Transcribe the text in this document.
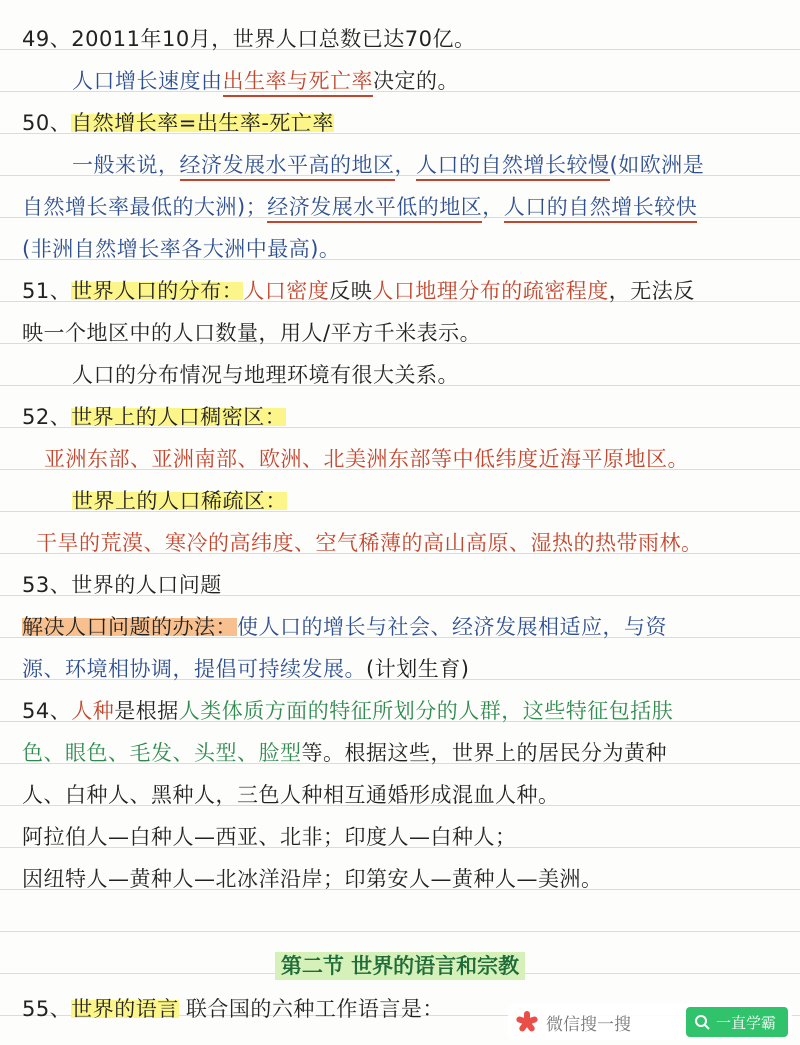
49、20011年10月，世界人口总数已达70亿。
人口增长速度由出生率与死亡率决定的。
50、自然增长率=出生率-死亡率
一般来说，经济发展水平高的地区，人口的自然增长较慢(如欧洲是
自然增长率最低的大洲)；经济发展水平低的地区，人口的自然增长较快
(非洲自然增长率各大洲中最高)。
51、世界人口的分布：人口密度反映人口地理分布的疏密程度，无法反
映一个地区中的人口数量，用人/平方千米表示。
人口的分布情况与地理环境有很大关系。
52、世界上的人口稠密区：
亚洲东部、亚洲南部、欧洲、北美洲东部等中低纬度近海平原地区。
世界上的人口稀疏区：
干旱的荒漠、寒冷的高纬度、空气稀薄的高山高原、湿热的热带雨林。
53、世界的人口问题
解决人口问题的办法：使人口的增长与社会、经济发展相适应，与资
源、环境相协调，提倡可持续发展。(计划生育)
54、人种是根据人类体质方面的特征所划分的人群，这些特征包括肤
色、眼色、毛发、头型、脸型等。根据这些，世界上的居民分为黄种
人、白种人、黑种人，三色人种相互通婚形成混血人种。
阿拉伯人—白种人—西亚、北非；印度人—白种人；
因纽特人—黄种人—北冰洋沿岸；印第安人—黄种人—美洲。
第二节 世界的语言和宗教
55、世界的语言 联合国的六种工作语言是：
微信搜一搜	一直学霸
